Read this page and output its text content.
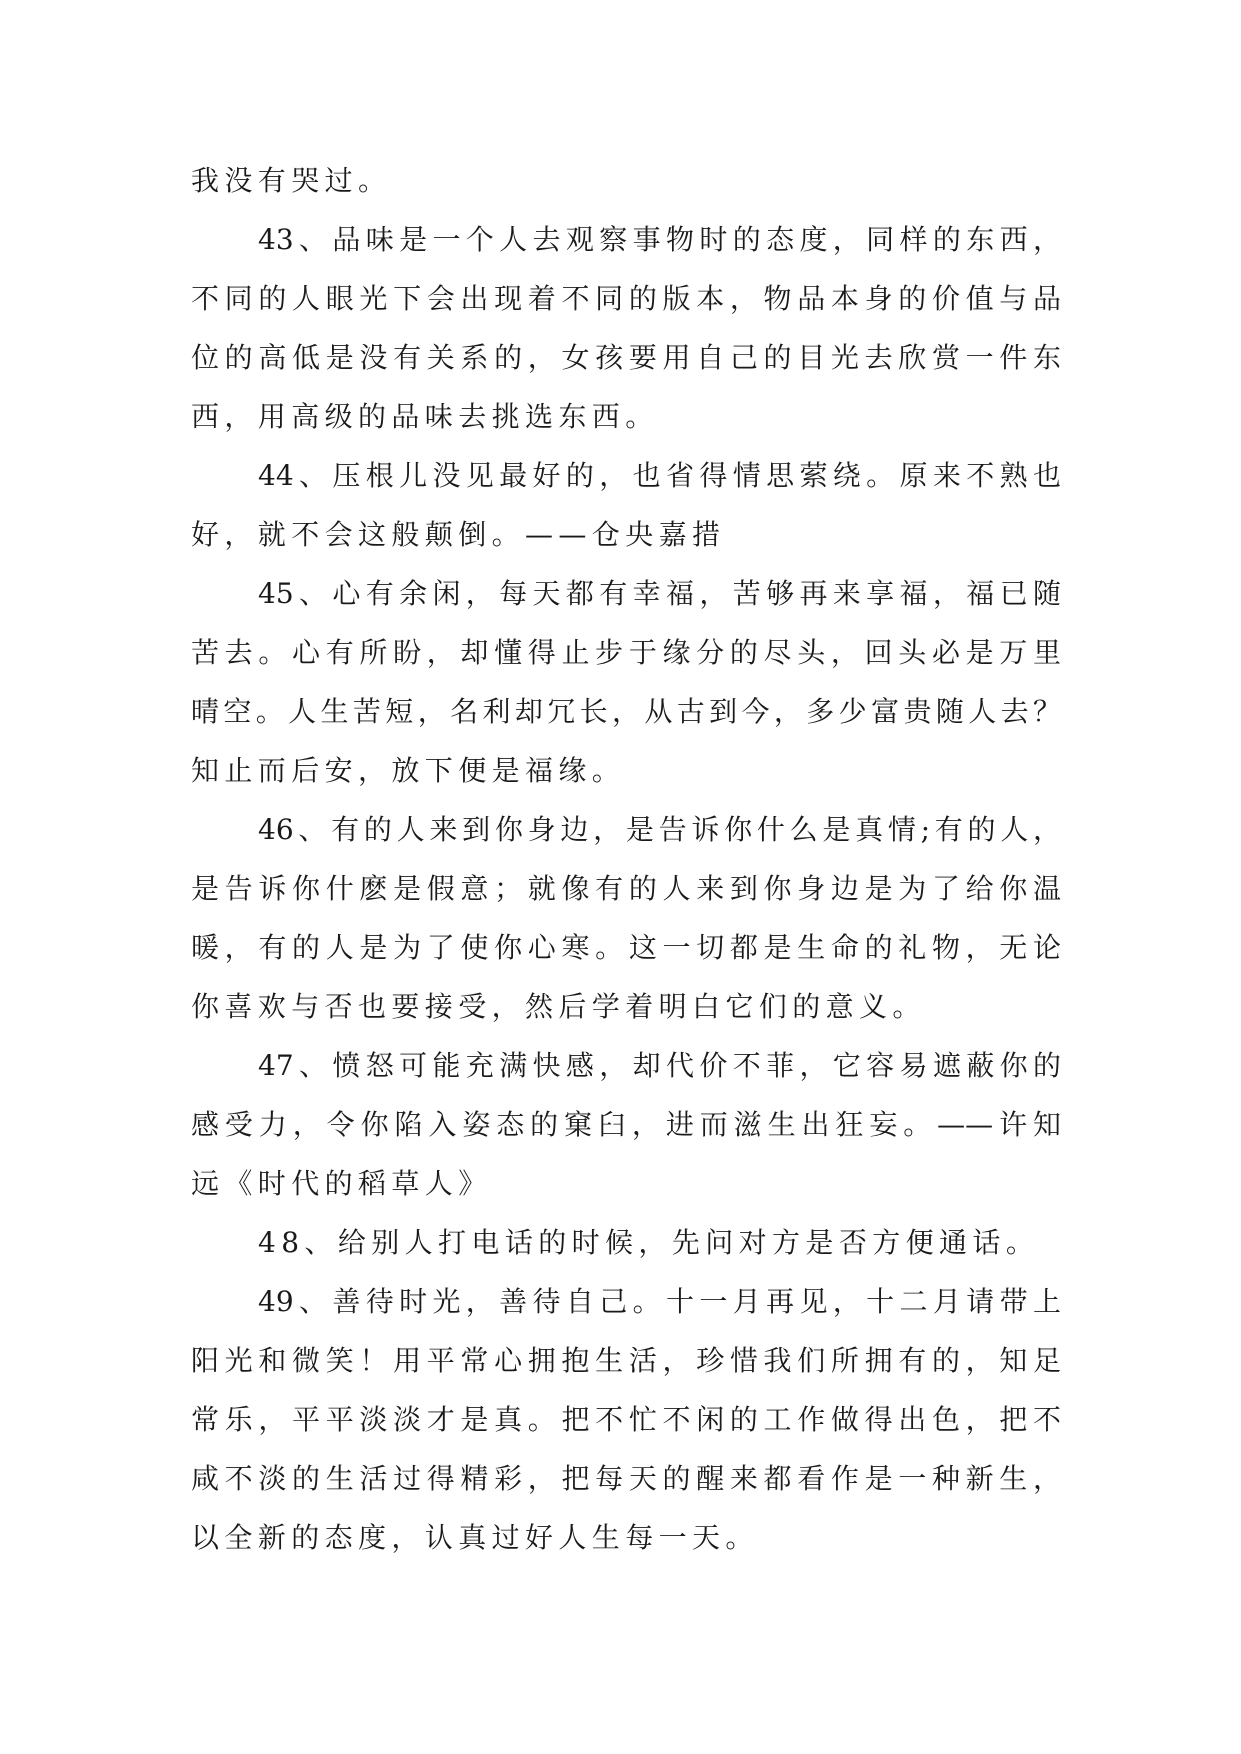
我没有哭过。
43、品味是一个人去观察事物时的态度，同样的东西，
不同的人眼光下会出现着不同的版本，物品本身的价值与品
位的高低是没有关系的，女孩要用自己的目光去欣赏一件东
西，用高级的品味去挑选东西。
44、压根儿没见最好的，也省得情思萦绕。原来不熟也
好，就不会这般颠倒。——仓央嘉措
45、心有余闲，每天都有幸福，苦够再来享福，福已随
苦去。心有所盼，却懂得止步于缘分的尽头，回头必是万里
晴空。人生苦短，名利却冗长，从古到今，多少富贵随人去？
知止而后安，放下便是福缘。
46、有的人来到你身边，是告诉你什么是真情;有的人，
是告诉你什麽是假意；就像有的人来到你身边是为了给你温
暖，有的人是为了使你心寒。这一切都是生命的礼物，无论
你喜欢与否也要接受，然后学着明白它们的意义。
47、愤怒可能充满快感，却代价不菲，它容易遮蔽你的
感受力，令你陷入姿态的窠臼，进而滋生出狂妄。——许知
远《时代的稻草人》
48、给别人打电话的时候，先问对方是否方便通话。
49、善待时光，善待自己。十一月再见，十二月请带上
阳光和微笑！用平常心拥抱生活，珍惜我们所拥有的，知足
常乐，平平淡淡才是真。把不忙不闲的工作做得出色，把不
咸不淡的生活过得精彩，把每天的醒来都看作是一种新生，
以全新的态度，认真过好人生每一天。
